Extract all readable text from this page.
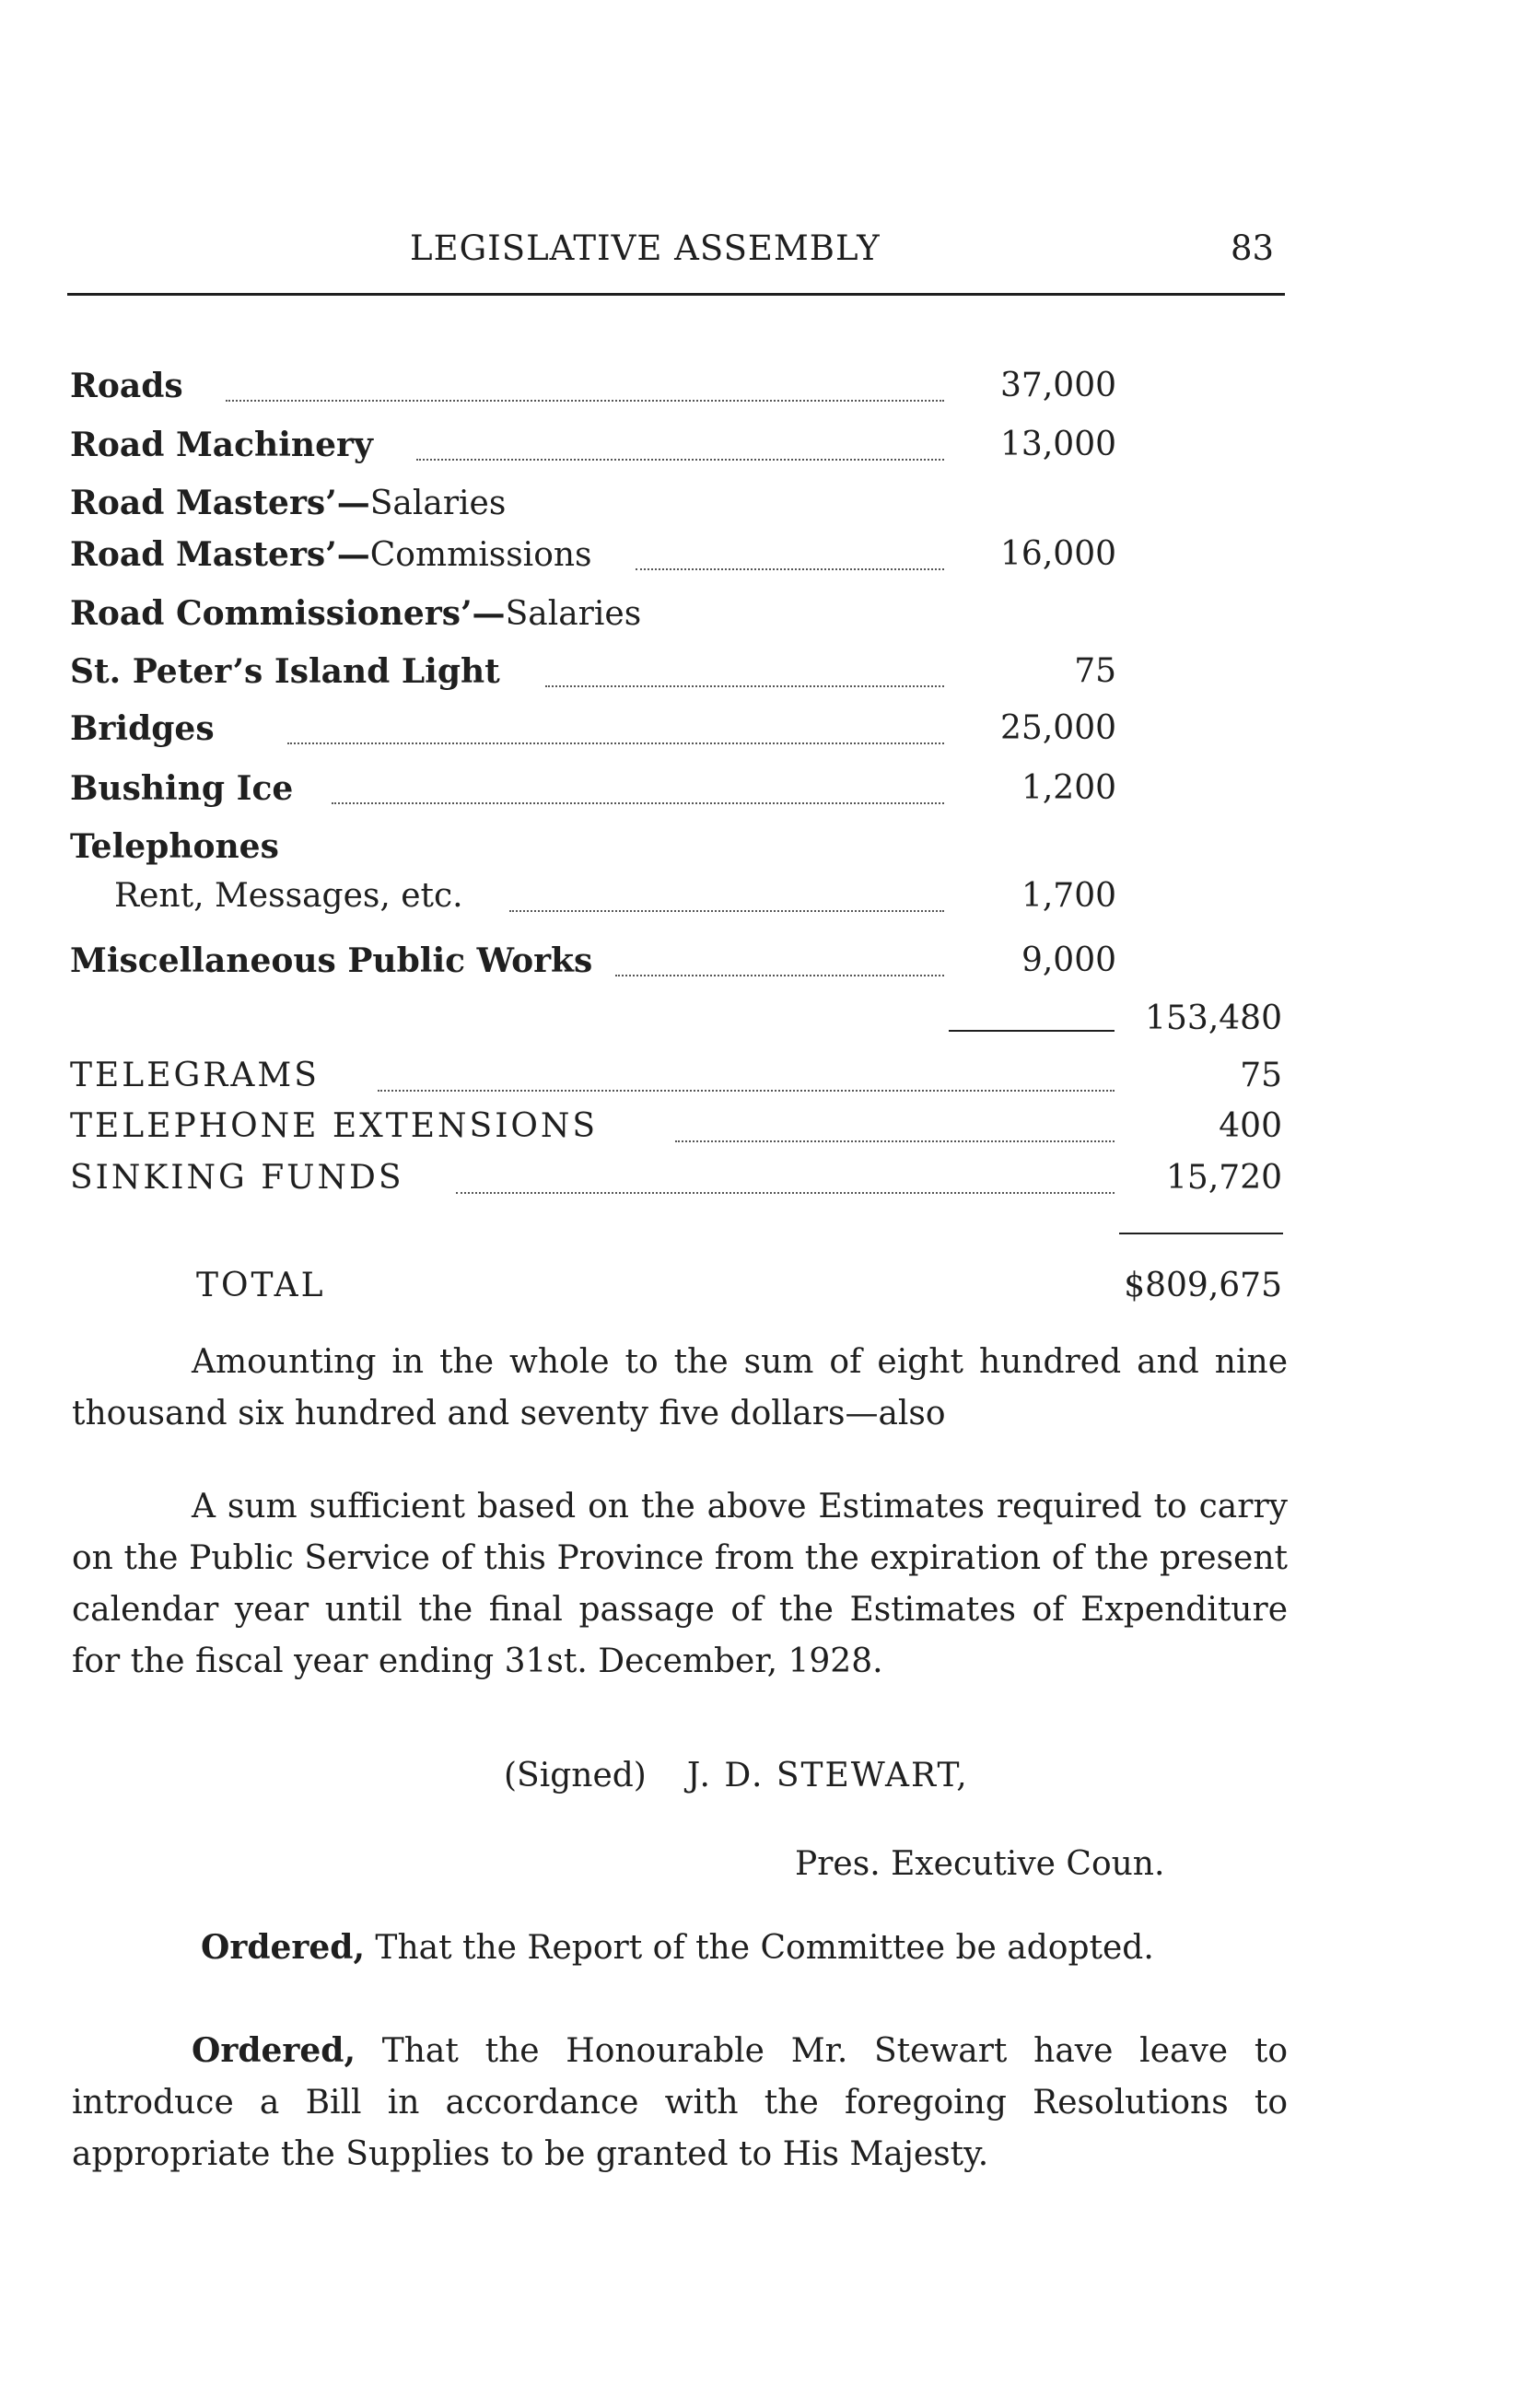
LEGISLATIVE ASSEMBLY	83
Roads	37,000
Road Machinery	13,000
Road Masters’—Salaries
Road Masters’—Commissions	16,000
Road Commissioners’—Salaries
St. Peter’s Island Light	75
Bridges	25,000
Bushing Ice	1,200
Telephones
Rent, Messages, etc.	1,700
Miscellaneous Public Works	9,000
153,480
TELEGRAMS	75
TELEPHONE EXTENSIONS	400
SINKING FUNDS	15,720
TOTAL	$809,675
Amounting in the whole to the sum of eight hundred and nine thousand six hundred and seventy five dollars—also
A sum sufficient based on the above Estimates required to carry on the Public Service of this Province from the expiration of the present calendar year until the final passage of the Estimates of Expenditure for the fiscal year ending 31st. December, 1928.
(Signed) J. D. STEWART,
Pres. Executive Coun.
Ordered, That the Report of the Committee be adopted.
Ordered, That the Honourable Mr. Stewart have leave to introduce a Bill in accordance with the foregoing Resolutions to appropriate the Supplies to be granted to His Majesty.
